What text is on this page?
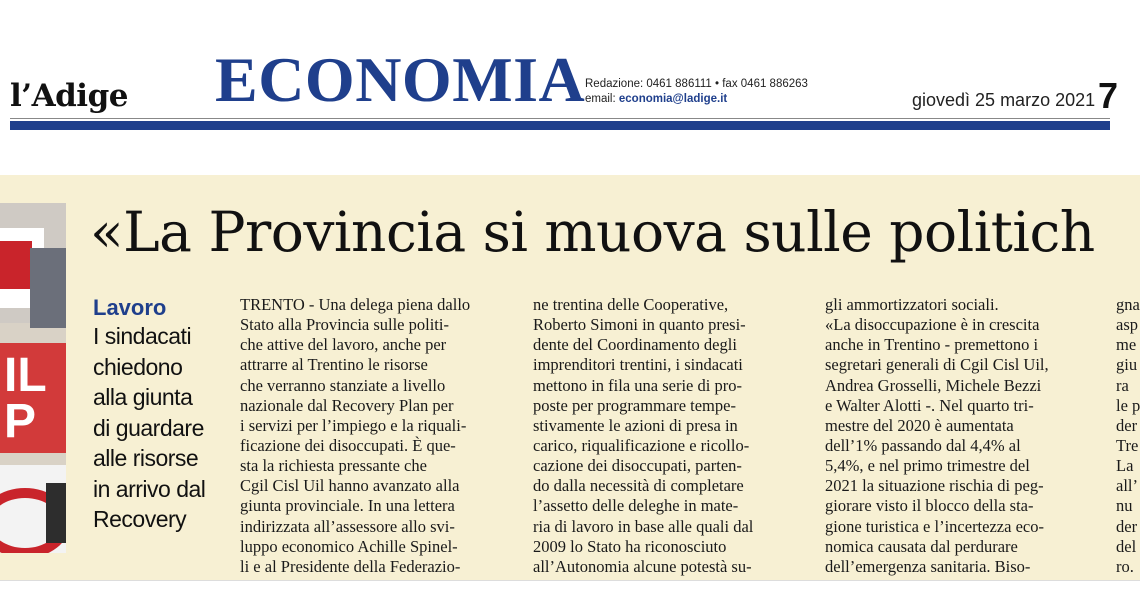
l’Adige ECONOMIA Redazione: 0461 886111 • fax 0461 886263
email: economia@ladige.it	giovedì 25 marzo 2021 7
IL
P
«La Provincia si muova sulle politich
Lavoro
I sindacati
chiedono
alla giunta
di guardare
alle risorse
in arrivo dal
Recovery
TRENTO - Una delega piena dallo
Stato alla Provincia sulle politi-
che attive del lavoro, anche per
attrarre al Trentino le risorse
che verranno stanziate a livello
nazionale dal Recovery Plan per
i servizi per l’impiego e la riquali-
ficazione dei disoccupati. È que-
sta la richiesta pressante che
Cgil Cisl Uil hanno avanzato alla
giunta provinciale. In una lettera
indirizzata all’assessore allo svi-
luppo economico Achille Spinel-
li e al Presidente della Federazio-
ne trentina delle Cooperative,
Roberto Simoni in quanto presi-
dente del Coordinamento degli
imprenditori trentini, i sindacati
mettono in fila una serie di pro-
poste per programmare tempe-
stivamente le azioni di presa in
carico, riqualificazione e ricollo-
cazione dei disoccupati, parten-
do dalla necessità di completare
l’assetto delle deleghe in mate-
ria di lavoro in base alle quali dal
2009 lo Stato ha riconosciuto
all’Autonomia alcune potestà su-
gli ammortizzatori sociali.
«La disoccupazione è in crescita
anche in Trentino - premettono i
segretari generali di Cgil Cisl Uil,
Andrea Grosselli, Michele Bezzi
e Walter Alotti -. Nel quarto tri-
mestre del 2020 è aumentata
dell’1% passando dal 4,4% al
5,4%, e nel primo trimestre del
2021 la situazione rischia di peg-
giorare visto il blocco della sta-
gione turistica e l’incertezza eco-
nomica causata dal perdurare
dell’emergenza sanitaria. Biso-
gna
asp
me
giu
ra
le p
der
Tre
La
all’
nu
der
del
ro.
